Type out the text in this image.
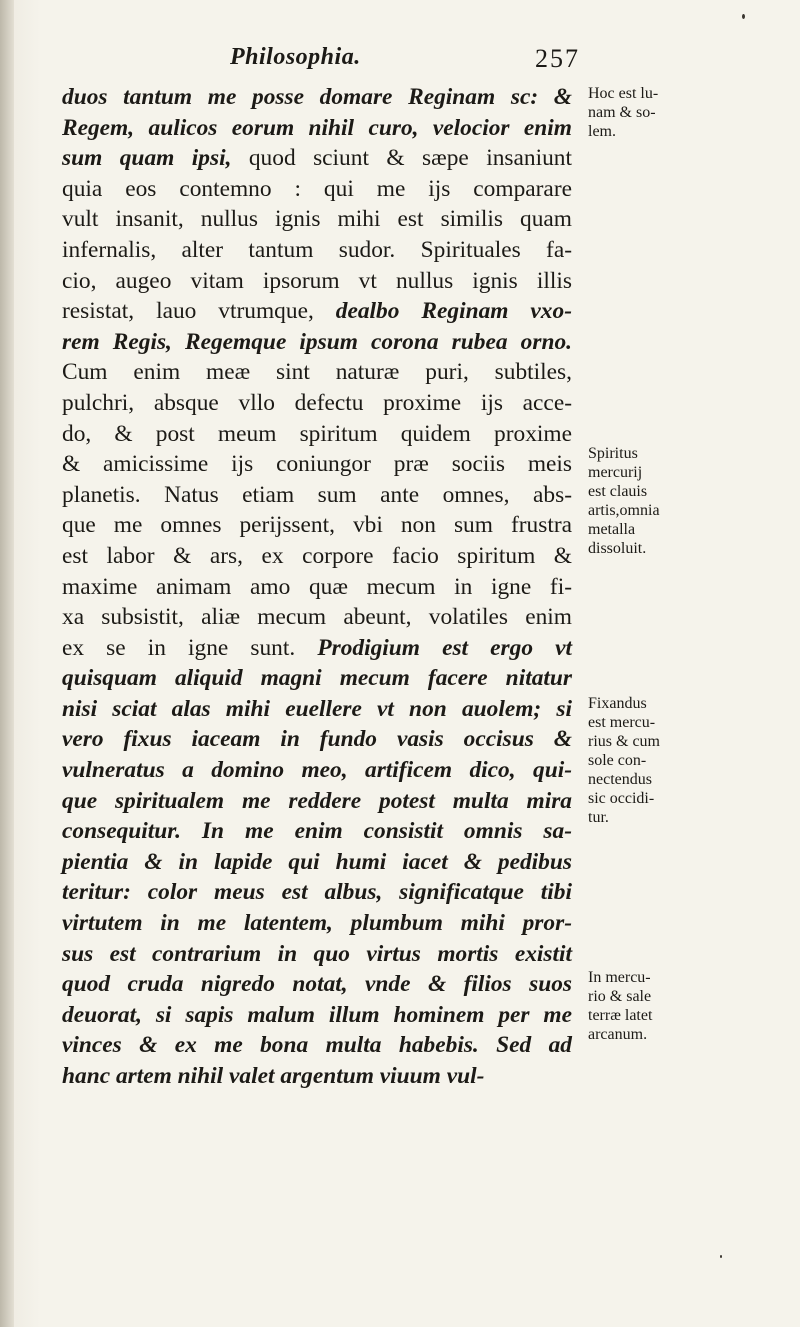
Philosophia.	257
duos tantum me posse domare Reginam sc: &
Regem, aulicos eorum nihil curo, velocior enim
sum quam ipsi, quod sciunt & sæpe insaniunt
quia eos contemno : qui me ijs comparare
vult insanit, nullus ignis mihi est similis quam
infernalis, alter tantum sudor. Spirituales fa-
cio, augeo vitam ipsorum vt nullus ignis illis
resistat, lauo vtrumque, dealbo Reginam vxo-
rem Regis, Regemque ipsum corona rubea orno.
Cum enim meæ sint naturæ puri, subtiles,
pulchri, absque vllo defectu proxime ijs acce-
do, & post meum spiritum quidem proxime
& amicissime ijs coniungor præ sociis meis
planetis. Natus etiam sum ante omnes, abs-
que me omnes perijssent, vbi non sum frustra
est labor & ars, ex corpore facio spiritum &
maxime animam amo quæ mecum in igne fi-
xa subsistit, aliæ mecum abeunt, volatiles enim
ex se in igne sunt. Prodigium est ergo vt
quisquam aliquid magni mecum facere nitatur
nisi sciat alas mihi euellere vt non auolem; si
vero fixus iaceam in fundo vasis occisus &
vulneratus a domino meo, artificem dico, qui-
que spiritualem me reddere potest multa mira
consequitur. In me enim consistit omnis sa-
pientia & in lapide qui humi iacet & pedibus
teritur: color meus est albus, significatque tibi
virtutem in me latentem, plumbum mihi pror-
sus est contrarium in quo virtus mortis existit
quod cruda nigredo notat, vnde & filios suos
deuorat, si sapis malum illum hominem per me
vinces & ex me bona multa habebis. Sed ad
hanc artem nihil valet argentum viuum vul-
Hoc est lu-
nam & so-
lem.
Spiritus
mercurij
est clauis
artis,omnia
metalla
dissoluit.
Fixandus
est mercu-
rius & cum
sole con-
nectendus
sic occidi-
tur.
In mercu-
rio & sale
terræ latet
arcanum.
